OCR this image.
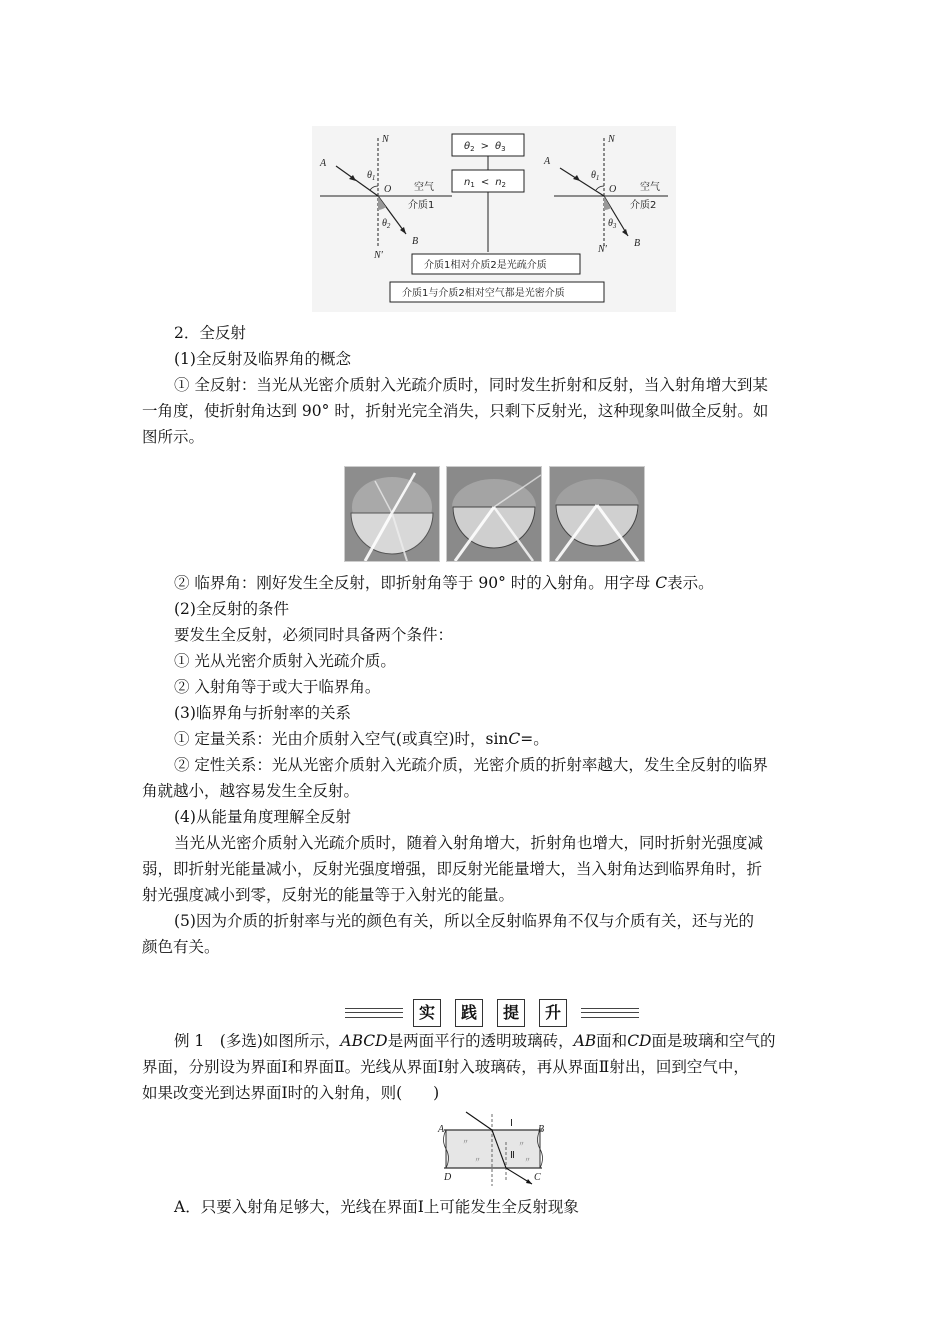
A
N
$\theta_1$
O 空气
介质1
$\theta_2$
N′
B
$\theta_2 > \theta_3$
$n_1 < n_2$
介质1相对介质2是光疏介质
介质1与介质2相对空气都是光密介质
A
N
$\theta_1$
O 空气
介质2
$\theta_3$
N′
B
2．全反射
(1)全反射及临界角的概念
① 全反射：当光从光密介质射入光疏介质时，同时发生折射和反射，当入射角增大到某
一角度，使折射角达到 90° 时，折射光完全消失，只剩下反射光，这种现象叫做全反射。如
图所示。
② 临界角：刚好发生全反射，即折射角等于 90° 时的入射角。用字母 C表示。
(2)全反射的条件
要发生全反射，必须同时具备两个条件：
① 光从光密介质射入光疏介质。
② 入射角等于或大于临界角。
(3)临界角与折射率的关系
① 定量关系：光由介质射入空气(或真空)时，sinC=。
② 定性关系：光从光密介质射入光疏介质，光密介质的折射率越大，发生全反射的临界
角就越小，越容易发生全反射。
(4)从能量角度理解全反射
当光从光密介质射入光疏介质时，随着入射角增大，折射角也增大，同时折射光强度减
弱，即折射光能量减小，反射光强度增强，即反射光能量增大，当入射角达到临界角时，折
射光强度减小到零，反射光的能量等于入射光的能量。
(5)因为介质的折射率与光的颜色有关，所以全反射临界角不仅与介质有关，还与光的
颜色有关。
实	践	提	升
例 1　(多选)如图所示，ABCD是两面平行的透明玻璃砖，AB面和CD面是玻璃和空气的
界面，分别设为界面Ⅰ和界面Ⅱ。光线从界面Ⅰ射入玻璃砖，再从界面Ⅱ射出，回到空气中，
如果改变光到达界面Ⅰ时的入射角，则(　　)
〃
〃
〃
〃
A	B
C
D
Ⅰ
Ⅱ
A．只要入射角足够大，光线在界面Ⅰ上可能发生全反射现象
